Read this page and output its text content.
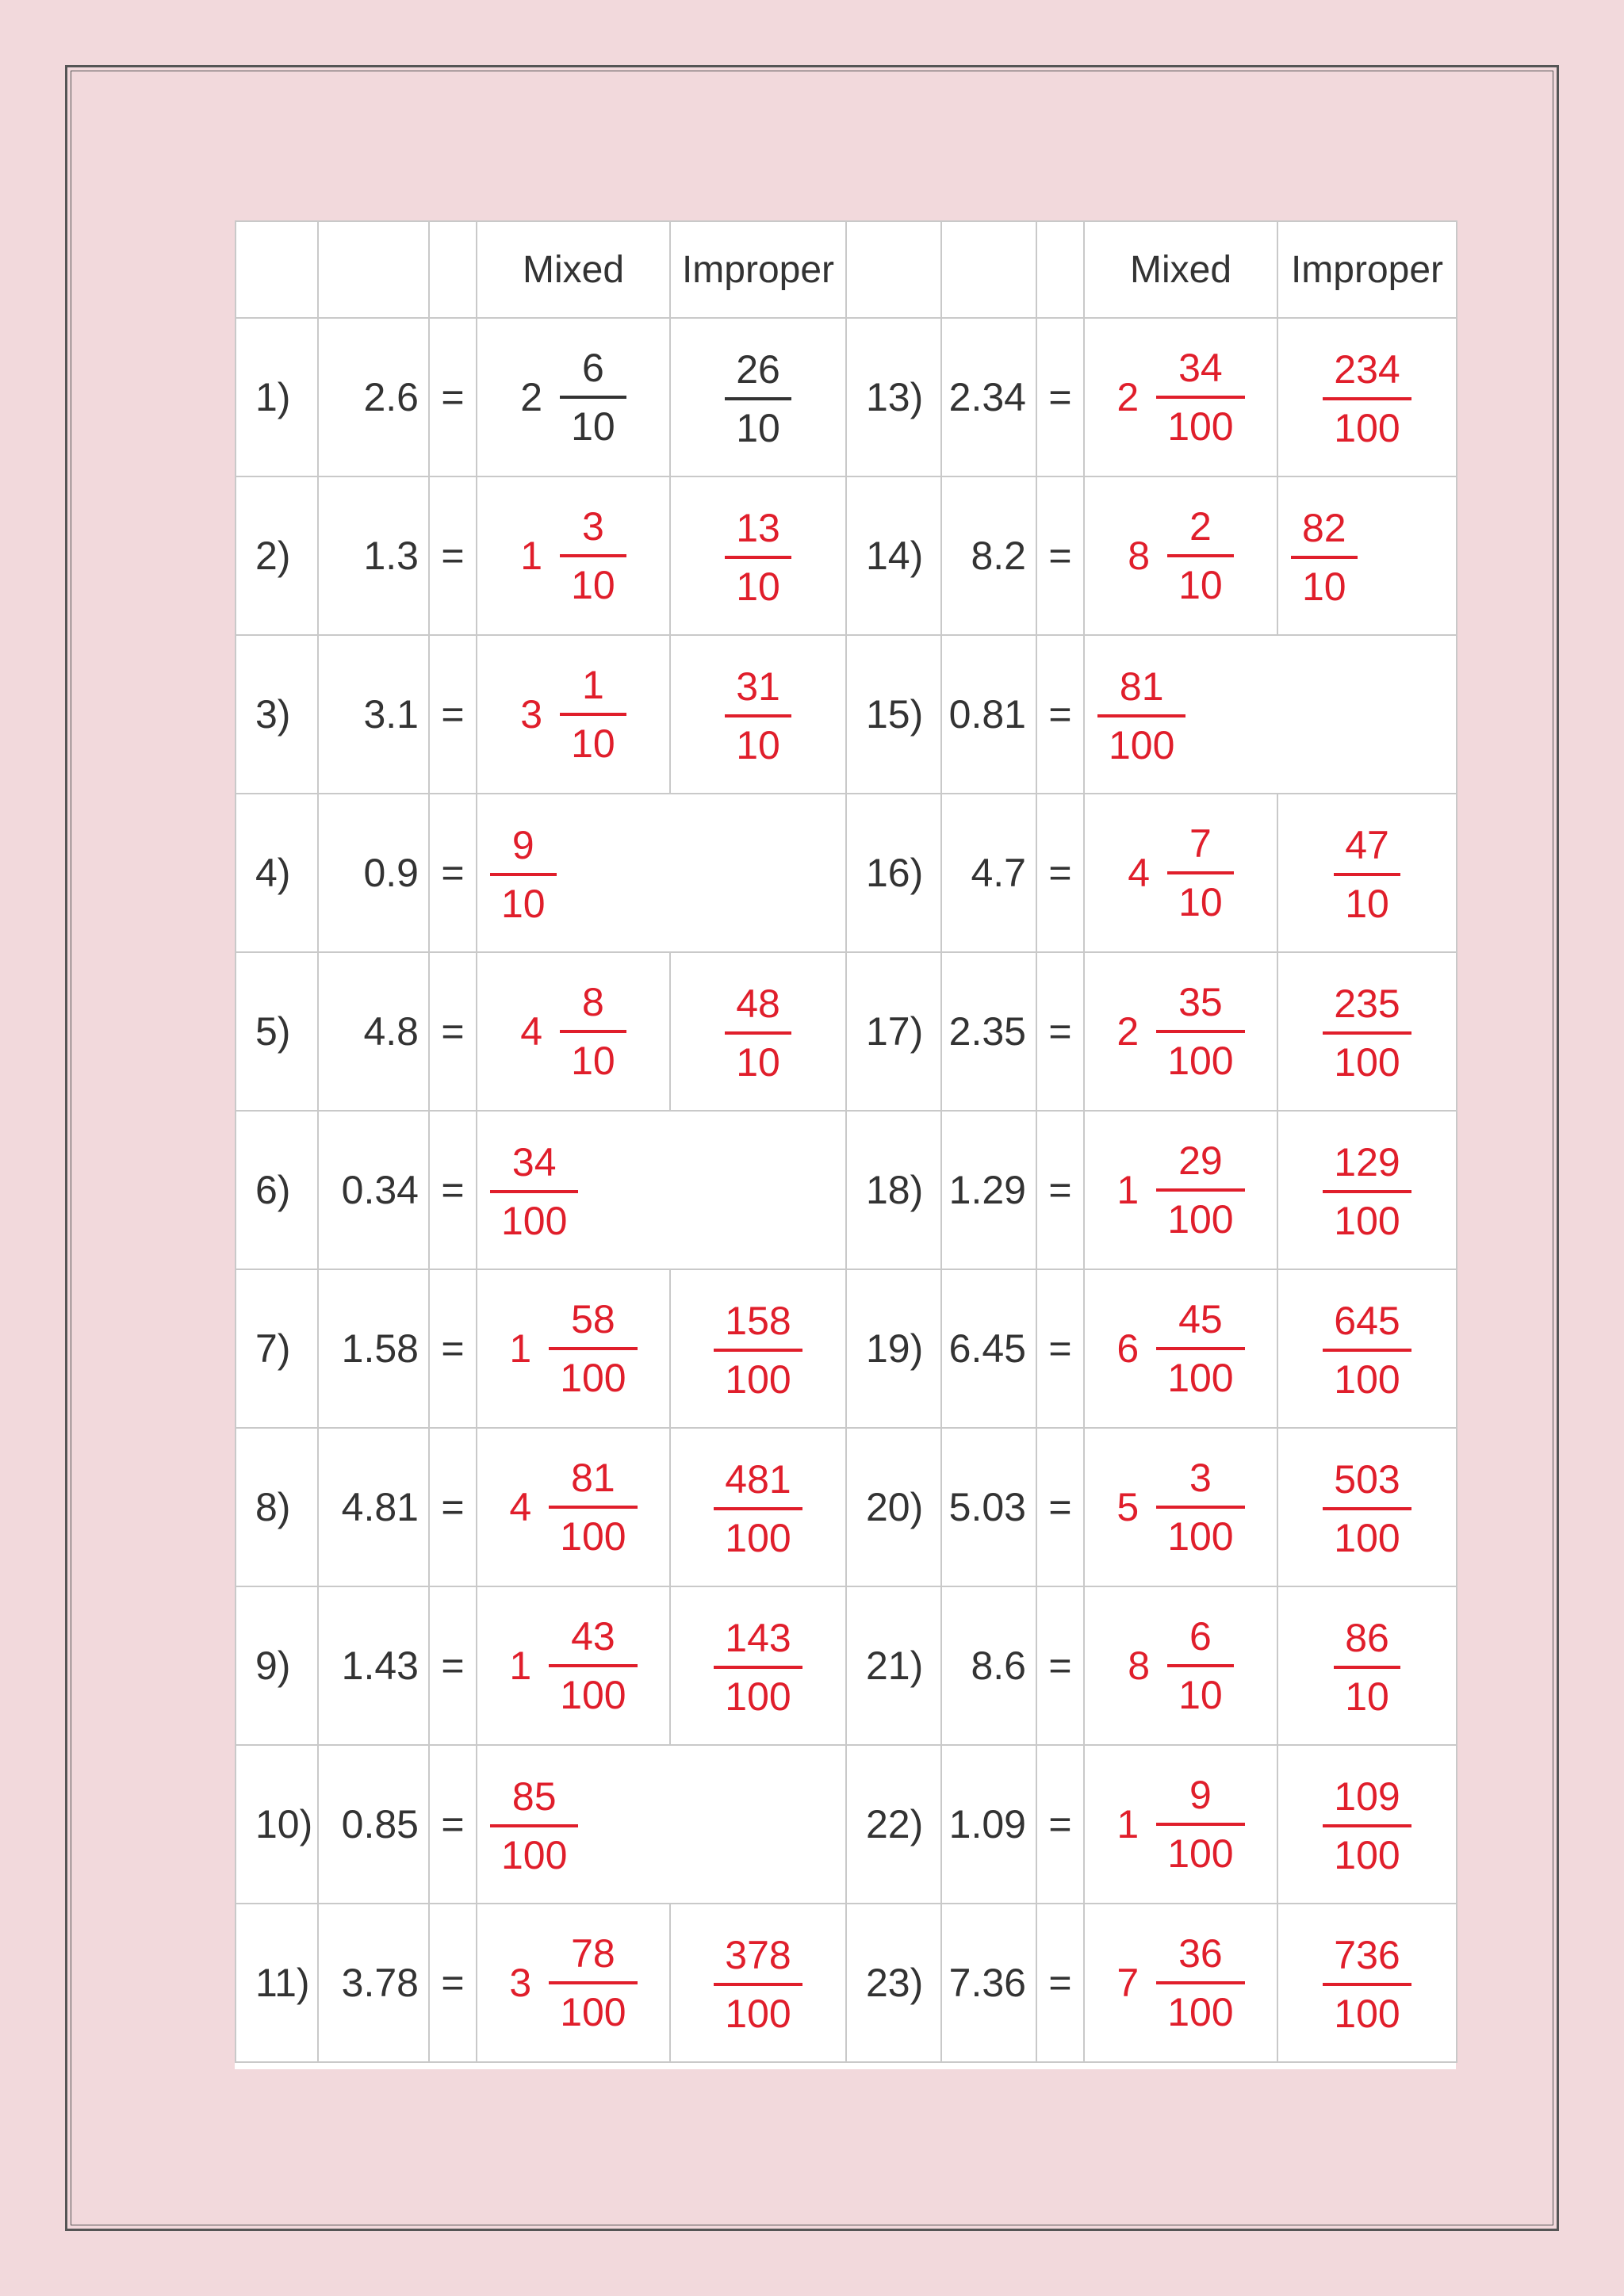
			Mixed	Improper				Mixed	Improper
1)	2.6	=	$2 \frac{6}{10}$	$\frac{26}{10}$	13)	2.34	=	$2 \frac{34}{100}$	$\frac{234}{100}$

2)	1.3	=	$1 \frac{3}{10}$	$\frac{13}{10}$	14)	8.2	=	$8 \frac{2}{10}$	$\frac{82}{10}$

3)	3.1	=	$3 \frac{1}{10}$	$\frac{31}{10}$	15)	0.81	=	$\frac{81}{100}$

4)	0.9	=	$\frac{9}{10}$		16)	4.7	=	$4 \frac{7}{10}$	$\frac{47}{10}$

5)	4.8	=	$4 \frac{8}{10}$	$\frac{48}{10}$	17)	2.35	=	$2 \frac{35}{100}$	$\frac{235}{100}$

6)	0.34	=	$\frac{34}{100}$		18)	1.29	=	$1 \frac{29}{100}$	$\frac{129}{100}$

7)	1.58	=	$1 \frac{58}{100}$	$\frac{158}{100}$	19)	6.45	=	$6 \frac{45}{100}$	$\frac{645}{100}$

8)	4.81	=	$4 \frac{81}{100}$	$\frac{481}{100}$	20)	5.03	=	$5 \frac{3}{100}$	$\frac{503}{100}$

9)	1.43	=	$1 \frac{43}{100}$	$\frac{143}{100}$	21)	8.6	=	$8 \frac{6}{10}$	$\frac{86}{10}$

10)	0.85	=	$\frac{85}{100}$		22)	1.09	=	$1 \frac{9}{100}$	$\frac{109}{100}$

11)	3.78	=	$3 \frac{78}{100}$	$\frac{378}{100}$	23)	7.36	=	$7 \frac{36}{100}$	$\frac{736}{100}$
